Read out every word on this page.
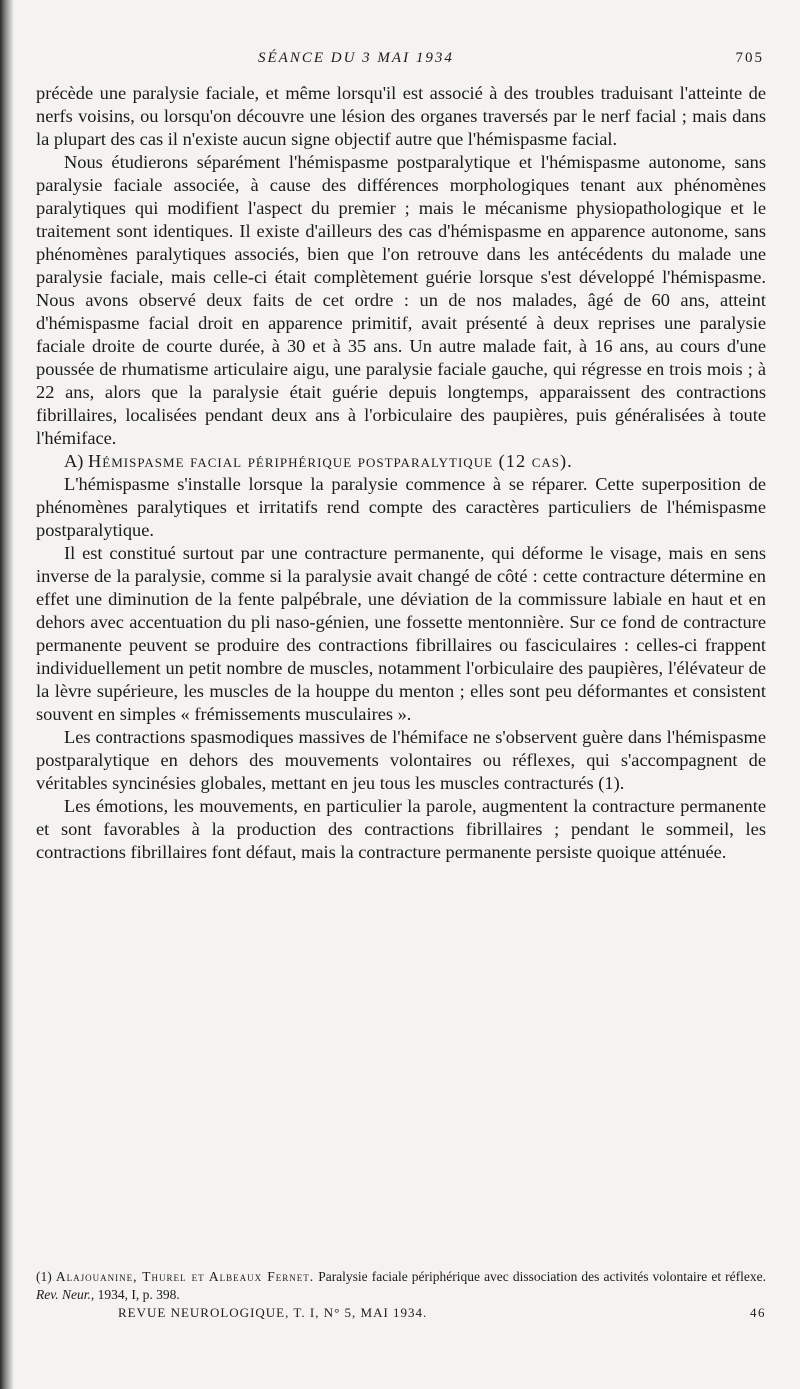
SÉANCE DU 3 MAI 1934	705

précède une paralysie faciale, et même lorsqu'il est associé à des troubles traduisant l'atteinte de nerfs voisins, ou lorsqu'on découvre une lésion des organes traversés par le nerf facial ; mais dans la plupart des cas il n'existe aucun signe objectif autre que l'hémispasme facial.

Nous étudierons séparément l'hémispasme postparalytique et l'hémispasme autonome, sans paralysie faciale associée, à cause des différences morphologiques tenant aux phénomènes paralytiques qui modifient l'aspect du premier ; mais le mécanisme physiopathologique et le traitement sont identiques. Il existe d'ailleurs des cas d'hémispasme en apparence autonome, sans phénomènes paralytiques associés, bien que l'on retrouve dans les antécédents du malade une paralysie faciale, mais celle-ci était complètement guérie lorsque s'est développé l'hémispasme. Nous avons observé deux faits de cet ordre : un de nos malades, âgé de 60 ans, atteint d'hémispasme facial droit en apparence primitif, avait présenté à deux reprises une paralysie faciale droite de courte durée, à 30 et à 35 ans. Un autre malade fait, à 16 ans, au cours d'une poussée de rhumatisme articulaire aigu, une paralysie faciale gauche, qui régresse en trois mois ; à 22 ans, alors que la paralysie était guérie depuis longtemps, apparaissent des contractions fibrillaires, localisées pendant deux ans à l'orbiculaire des paupières, puis généralisées à toute l'hémiface.

A) Hémispasme facial périphérique postparalytique (12 cas).

L'hémispasme s'installe lorsque la paralysie commence à se réparer. Cette superposition de phénomènes paralytiques et irritatifs rend compte des caractères particuliers de l'hémispasme postparalytique.

Il est constitué surtout par une contracture permanente, qui déforme le visage, mais en sens inverse de la paralysie, comme si la paralysie avait changé de côté : cette contracture détermine en effet une diminution de la fente palpébrale, une déviation de la commissure labiale en haut et en dehors avec accentuation du pli naso-génien, une fossette mentonnière. Sur ce fond de contracture permanente peuvent se produire des contractions fibrillaires ou fasciculaires : celles-ci frappent individuellement un petit nombre de muscles, notamment l'orbiculaire des paupières, l'élévateur de la lèvre supérieure, les muscles de la houppe du menton ; elles sont peu déformantes et consistent souvent en simples « frémissements musculaires ».

Les contractions spasmodiques massives de l'hémiface ne s'observent guère dans l'hémispasme postparalytique en dehors des mouvements volontaires ou réflexes, qui s'accompagnent de véritables syncinésies globales, mettant en jeu tous les muscles contracturés (1).

Les émotions, les mouvements, en particulier la parole, augmentent la contracture permanente et sont favorables à la production des contractions fibrillaires ; pendant le sommeil, les contractions fibrillaires font défaut, mais la contracture permanente persiste quoique atténuée.

(1) Alajouanine, Thurel et Albeaux Fernet. Paralysie faciale périphérique avec dissociation des activités volontaire et réflexe. Rev. Neur., 1934, I, p. 398.
REVUE NEUROLOGIQUE, T. I, N° 5, MAI 1934.	46
